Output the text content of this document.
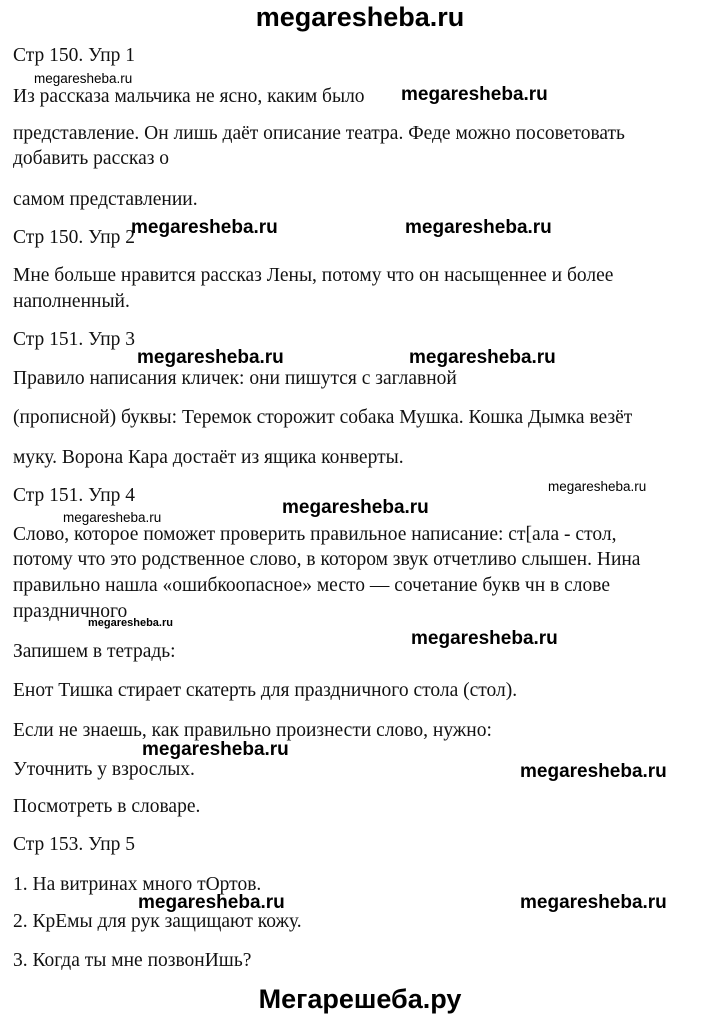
megaresheba.ru
Стр 150. Упр 1
Из рассказа мальчика не ясно, каким было
представление. Он лишь даёт описание театра. Феде можно посоветовать
добавить рассказ о
самом представлении.
Стр 150. Упр 2
Мне больше нравится рассказ Лены, потому что он насыщеннее и более
наполненный.
Стр 151. Упр 3
Правило написания кличек: они пишутся с заглавной
(прописной) буквы: Теремок сторожит собака Мушка. Кошка Дымка везёт
муку. Ворона Кара достаёт из ящика конверты.
Стр 151. Упр 4
Слово, которое поможет проверить правильное написание: ст[ала - стол,
потому что это родственное слово, в котором звук отчетливо слышен. Нина
правильно нашла «ошибкоопасное» место — сочетание букв чн в слове
праздничного
Запишем в тетрадь:
Енот Тишка стирает скатерть для праздничного стола (стол).
Если не знаешь, как правильно произнести слово, нужно:
Уточнить у взрослых.
Посмотреть в словаре.
Стр 153. Упр 5
1. На витринах много тОртов.
2. КрЕмы для рук защищают кожу.
3. Когда ты мне позвонИшь?
megaresheba.ru
megaresheba.ru
megaresheba.ru	megaresheba.ru
megaresheba.ru	megaresheba.ru
megaresheba.ru
megaresheba.ru
megaresheba.ru
megaresheba.ru
megaresheba.ru
megaresheba.ru
megaresheba.ru
megaresheba.ru	megaresheba.ru
Мегарешеба.ру
